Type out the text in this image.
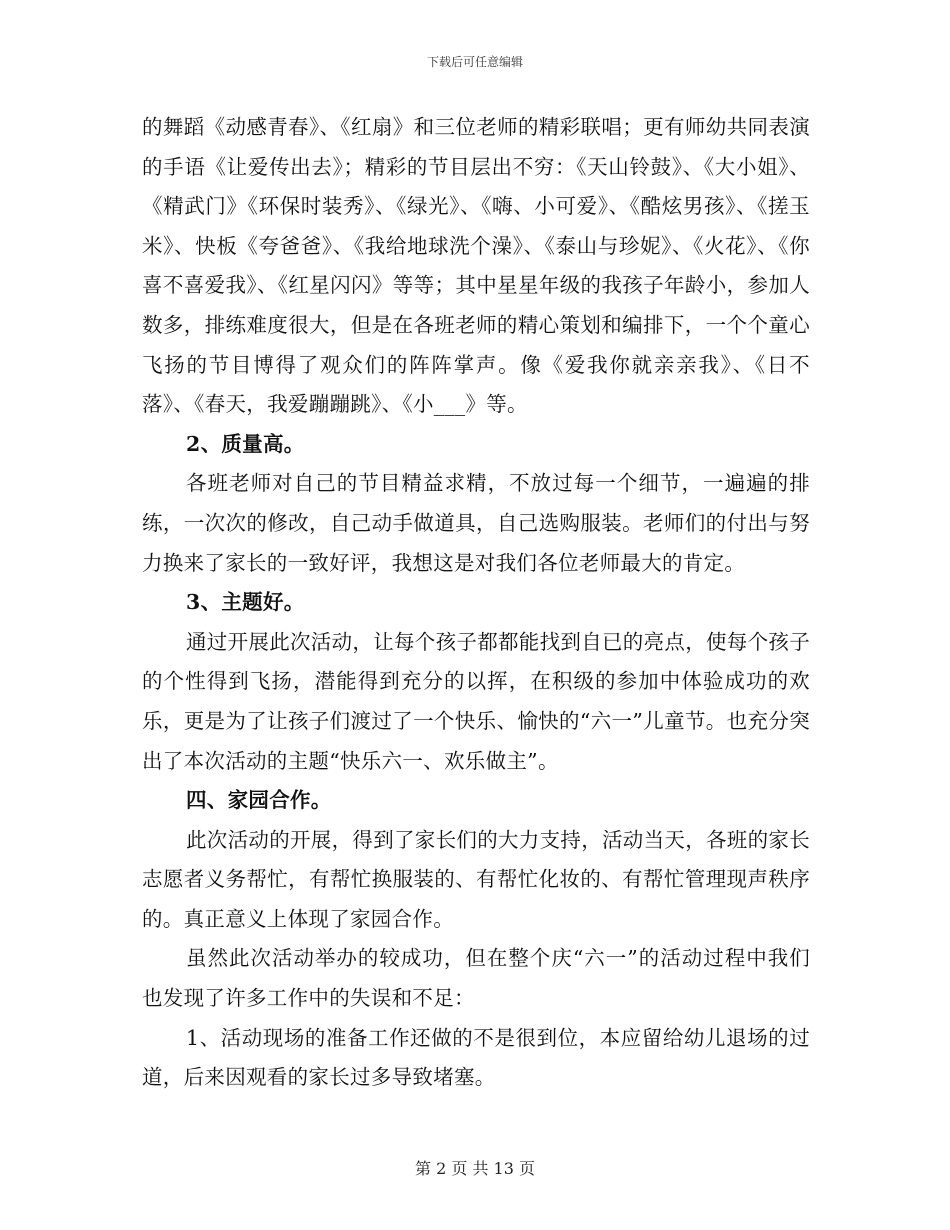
下载后可任意编辑

的舞蹈《动感青春》、《红扇》和三位老师的精彩联唱；更有师幼共同表演的手语《让爱传出去》；精彩的节目层出不穷：《天山铃鼓》、《大小姐》、《精武门》《环保时装秀》、《绿光》、《嗨、小可爱》、《酷炫男孩》、《搓玉米》、快板《夸爸爸》、《我给地球洗个澡》、《泰山与珍妮》、《火花》、《你喜不喜爱我》、《红星闪闪》等等；其中星星年级的我孩子年龄小，参加人数多，排练难度很大，但是在各班老师的精心策划和编排下，一个个童心飞扬的节目博得了观众们的阵阵掌声。像《爱我你就亲亲我》、《日不落》、《春天，我爱蹦蹦跳》、《小___》等。

2、质量高。

各班老师对自己的节目精益求精，不放过每一个细节，一遍遍的排练，一次次的修改，自己动手做道具，自己选购服装。老师们的付出与努力换来了家长的一致好评，我想这是对我们各位老师最大的肯定。

3、主题好。

通过开展此次活动，让每个孩子都都能找到自已的亮点，使每个孩子的个性得到飞扬，潜能得到充分的以挥，在积级的参加中体验成功的欢乐，更是为了让孩子们渡过了一个快乐、愉快的“六一”儿童节。也充分突出了本次活动的主题“快乐六一、欢乐做主”。

四、家园合作。

此次活动的开展，得到了家长们的大力支持，活动当天，各班的家长志愿者义务帮忙，有帮忙换服装的、有帮忙化妆的、有帮忙管理现声秩序的。真正意义上体现了家园合作。

虽然此次活动举办的较成功，但在整个庆“六一”的活动过程中我们也发现了许多工作中的失误和不足：

1、活动现场的准备工作还做的不是很到位，本应留给幼儿退场的过道，后来因观看的家长过多导致堵塞。

第 2 页 共 13 页
